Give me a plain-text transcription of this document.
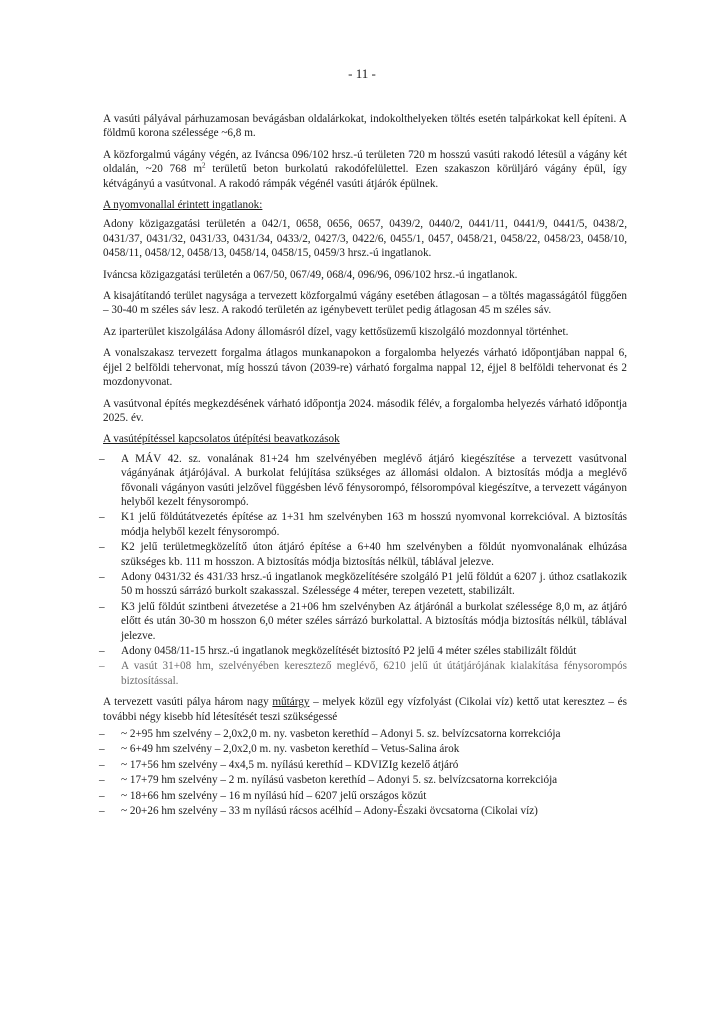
- 11 -

A vasúti pályával párhuzamosan bevágásban oldalárkokat, indokolthelyeken töltés esetén talpárkokat kell építeni. A földmű korona szélessége ~6,8 m.

A közforgalmú vágány végén, az Iváncsa 096/102 hrsz.-ú területen 720 m hosszú vasúti rakodó létesül a vágány két oldalán, ~20 768 $m^2$ területű beton burkolatú rakodófelülettel. Ezen szakaszon körüljáró vágány épül, így kétvágányú a vasútvonal. A rakodó rámpák végénél vasúti átjárók épülnek.

A nyomvonallal érintett ingatlanok:

Adony közigazgatási területén a 042/1, 0658, 0656, 0657, 0439/2, 0440/2, 0441/11, 0441/9, 0441/5, 0438/2, 0431/37, 0431/32, 0431/33, 0431/34, 0433/2, 0427/3, 0422/6, 0455/1, 0457, 0458/21, 0458/22, 0458/23, 0458/10, 0458/11, 0458/12, 0458/13, 0458/14, 0458/15, 0459/3 hrsz.-ú ingatlanok.

Iváncsa közigazgatási területén a 067/50, 067/49, 068/4, 096/96, 096/102 hrsz.-ú ingatlanok.

A kisajátítandó terület nagysága a tervezett közforgalmú vágány esetében átlagosan – a töltés magasságától függően – 30-40 m széles sáv lesz. A rakodó területén az igénybevett terület pedig átlagosan 45 m széles sáv.

Az iparterület kiszolgálása Adony állomásról dízel, vagy kettősüzemű kiszolgáló mozdonnyal történhet.

A vonalszakasz tervezett forgalma átlagos munkanapokon a forgalomba helyezés várható időpontjában nappal 6, éjjel 2 belföldi tehervonat, míg hosszú távon (2039-re) várható forgalma nappal 12, éjjel 8 belföldi tehervonat és 2 mozdonyvonat.

A vasútvonal építés megkezdésének várható időpontja 2024. második félév, a forgalomba helyezés várható időpontja 2025. év.

A vasútépítéssel kapcsolatos útépítési beavatkozások

– A MÁV 42. sz. vonalának 81+24 hm szelvényében meglévő átjáró kiegészítése a tervezett vasútvonal vágányának átjárójával. A burkolat felújítása szükséges az állomási oldalon. A biztosítás módja a meglévő fővonali vágányon vasúti jelzővel függésben lévő fénysorompó, félsorompóval kiegészítve, a tervezett vágányon helyből kezelt fénysorompó.
– K1 jelű földútátvezetés építése az 1+31 hm szelvényben 163 m hosszú nyomvonal korrekcióval. A biztosítás módja helyből kezelt fénysorompó.
– K2 jelű területmegközelítő úton átjáró építése a 6+40 hm szelvényben a földút nyomvonalának elhúzása szükséges kb. 111 m hosszon. A biztosítás módja biztosítás nélkül, táblával jelezve.
– Adony 0431/32 és 431/33 hrsz.-ú ingatlanok megközelítésére szolgáló P1 jelű földút a 6207 j. úthoz csatlakozik 50 m hosszú sárrázó burkolt szakasszal. Szélessége 4 méter, terepen vezetett, stabilizált.
– K3 jelű földút szintbeni átvezetése a 21+06 hm szelvényben Az átjárónál a burkolat szélessége 8,0 m, az átjáró előtt és után 30-30 m hosszon 6,0 méter széles sárrázó burkolattal. A biztosítás módja biztosítás nélkül, táblával jelezve.
– Adony 0458/11-15 hrsz.-ú ingatlanok megközelítését biztosító P2 jelű 4 méter széles stabilizált földút
– A vasút 31+08 hm, szelvényében keresztező meglévő, 6210 jelű út útátjárójának kialakítása fénysorompós biztosítással.

A tervezett vasúti pálya három nagy műtárgy – melyek közül egy vízfolyást (Cikolai víz) kettő utat keresztez – és további négy kisebb híd létesítését teszi szükségessé

– ~ 2+95 hm szelvény – 2,0x2,0 m. ny. vasbeton kerethíd – Adonyi 5. sz. belvízcsatorna korrekciója
– ~ 6+49 hm szelvény – 2,0x2,0 m. ny. vasbeton kerethíd – Vetus-Salina árok
– ~ 17+56 hm szelvény – 4x4,5 m. nyílású kerethíd – KDVIZIg kezelő átjáró
– ~ 17+79 hm szelvény – 2 m. nyílású vasbeton kerethíd – Adonyi 5. sz. belvízcsatorna korrekciója
– ~ 18+66 hm szelvény – 16 m nyílású híd – 6207 jelű országos közút
– ~ 20+26 hm szelvény – 33 m nyílású rácsos acélhíd – Adony-Északi övcsatorna (Cikolai víz)
